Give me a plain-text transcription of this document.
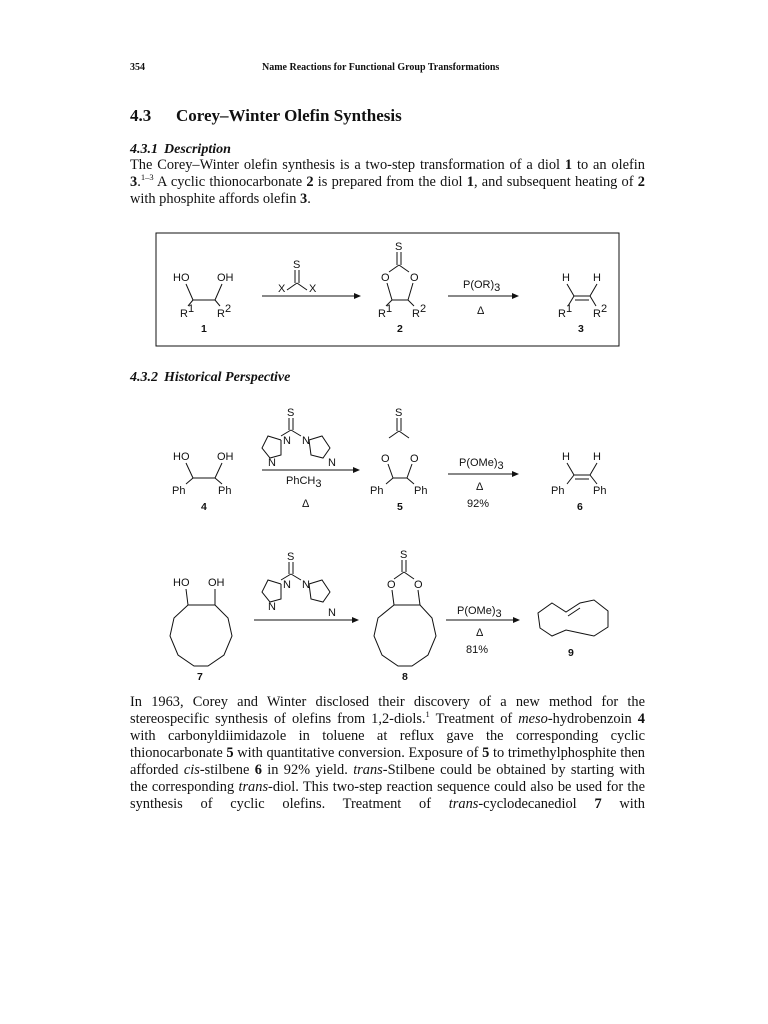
354	Name Reactions for Functional Group Transformations
4.3 Corey–Winter Olefin Synthesis
4.3.1 Description
The Corey–Winter olefin synthesis is a two-step transformation of a diol 1 to an olefin 3.$^{1-3}$ A cyclic thionocarbonate 2 is prepared from the diol 1, and subsequent heating of 2 with phosphite affords olefin 3.
HO	OH
R1 R2
1
S
X X
S
O O
R1 R2
2
P(OR)3
Δ
H H
R1 R2
3
4.3.2 Historical Perspective
HO	OH
Ph	Ph
4
S
N N
N	N
PhCH3
Δ
S
O O
Ph	Ph
5
P(OMe)3
Δ
92%
H H
Ph	Ph
6
HO OH
7
S
N N
N	N
S
O O
8
P(OMe)3
Δ
81%	9
In 1963, Corey and Winter disclosed their discovery of a new method for the stereospecific synthesis of olefins from 1,2-diols.$^1$ Treatment of meso-hydrobenzoin 4 with carbonyldiimidazole in toluene at reflux gave the corresponding cyclic thionocarbonate 5 with quantitative conversion. Exposure of 5 to trimethylphosphite then afforded cis-stilbene 6 in 92% yield. trans-Stilbene could be obtained by starting with the corresponding trans-diol. This two-step reaction sequence could also be used for the synthesis of cyclic olefins. Treatment of trans-cyclodecanediol 7 with
